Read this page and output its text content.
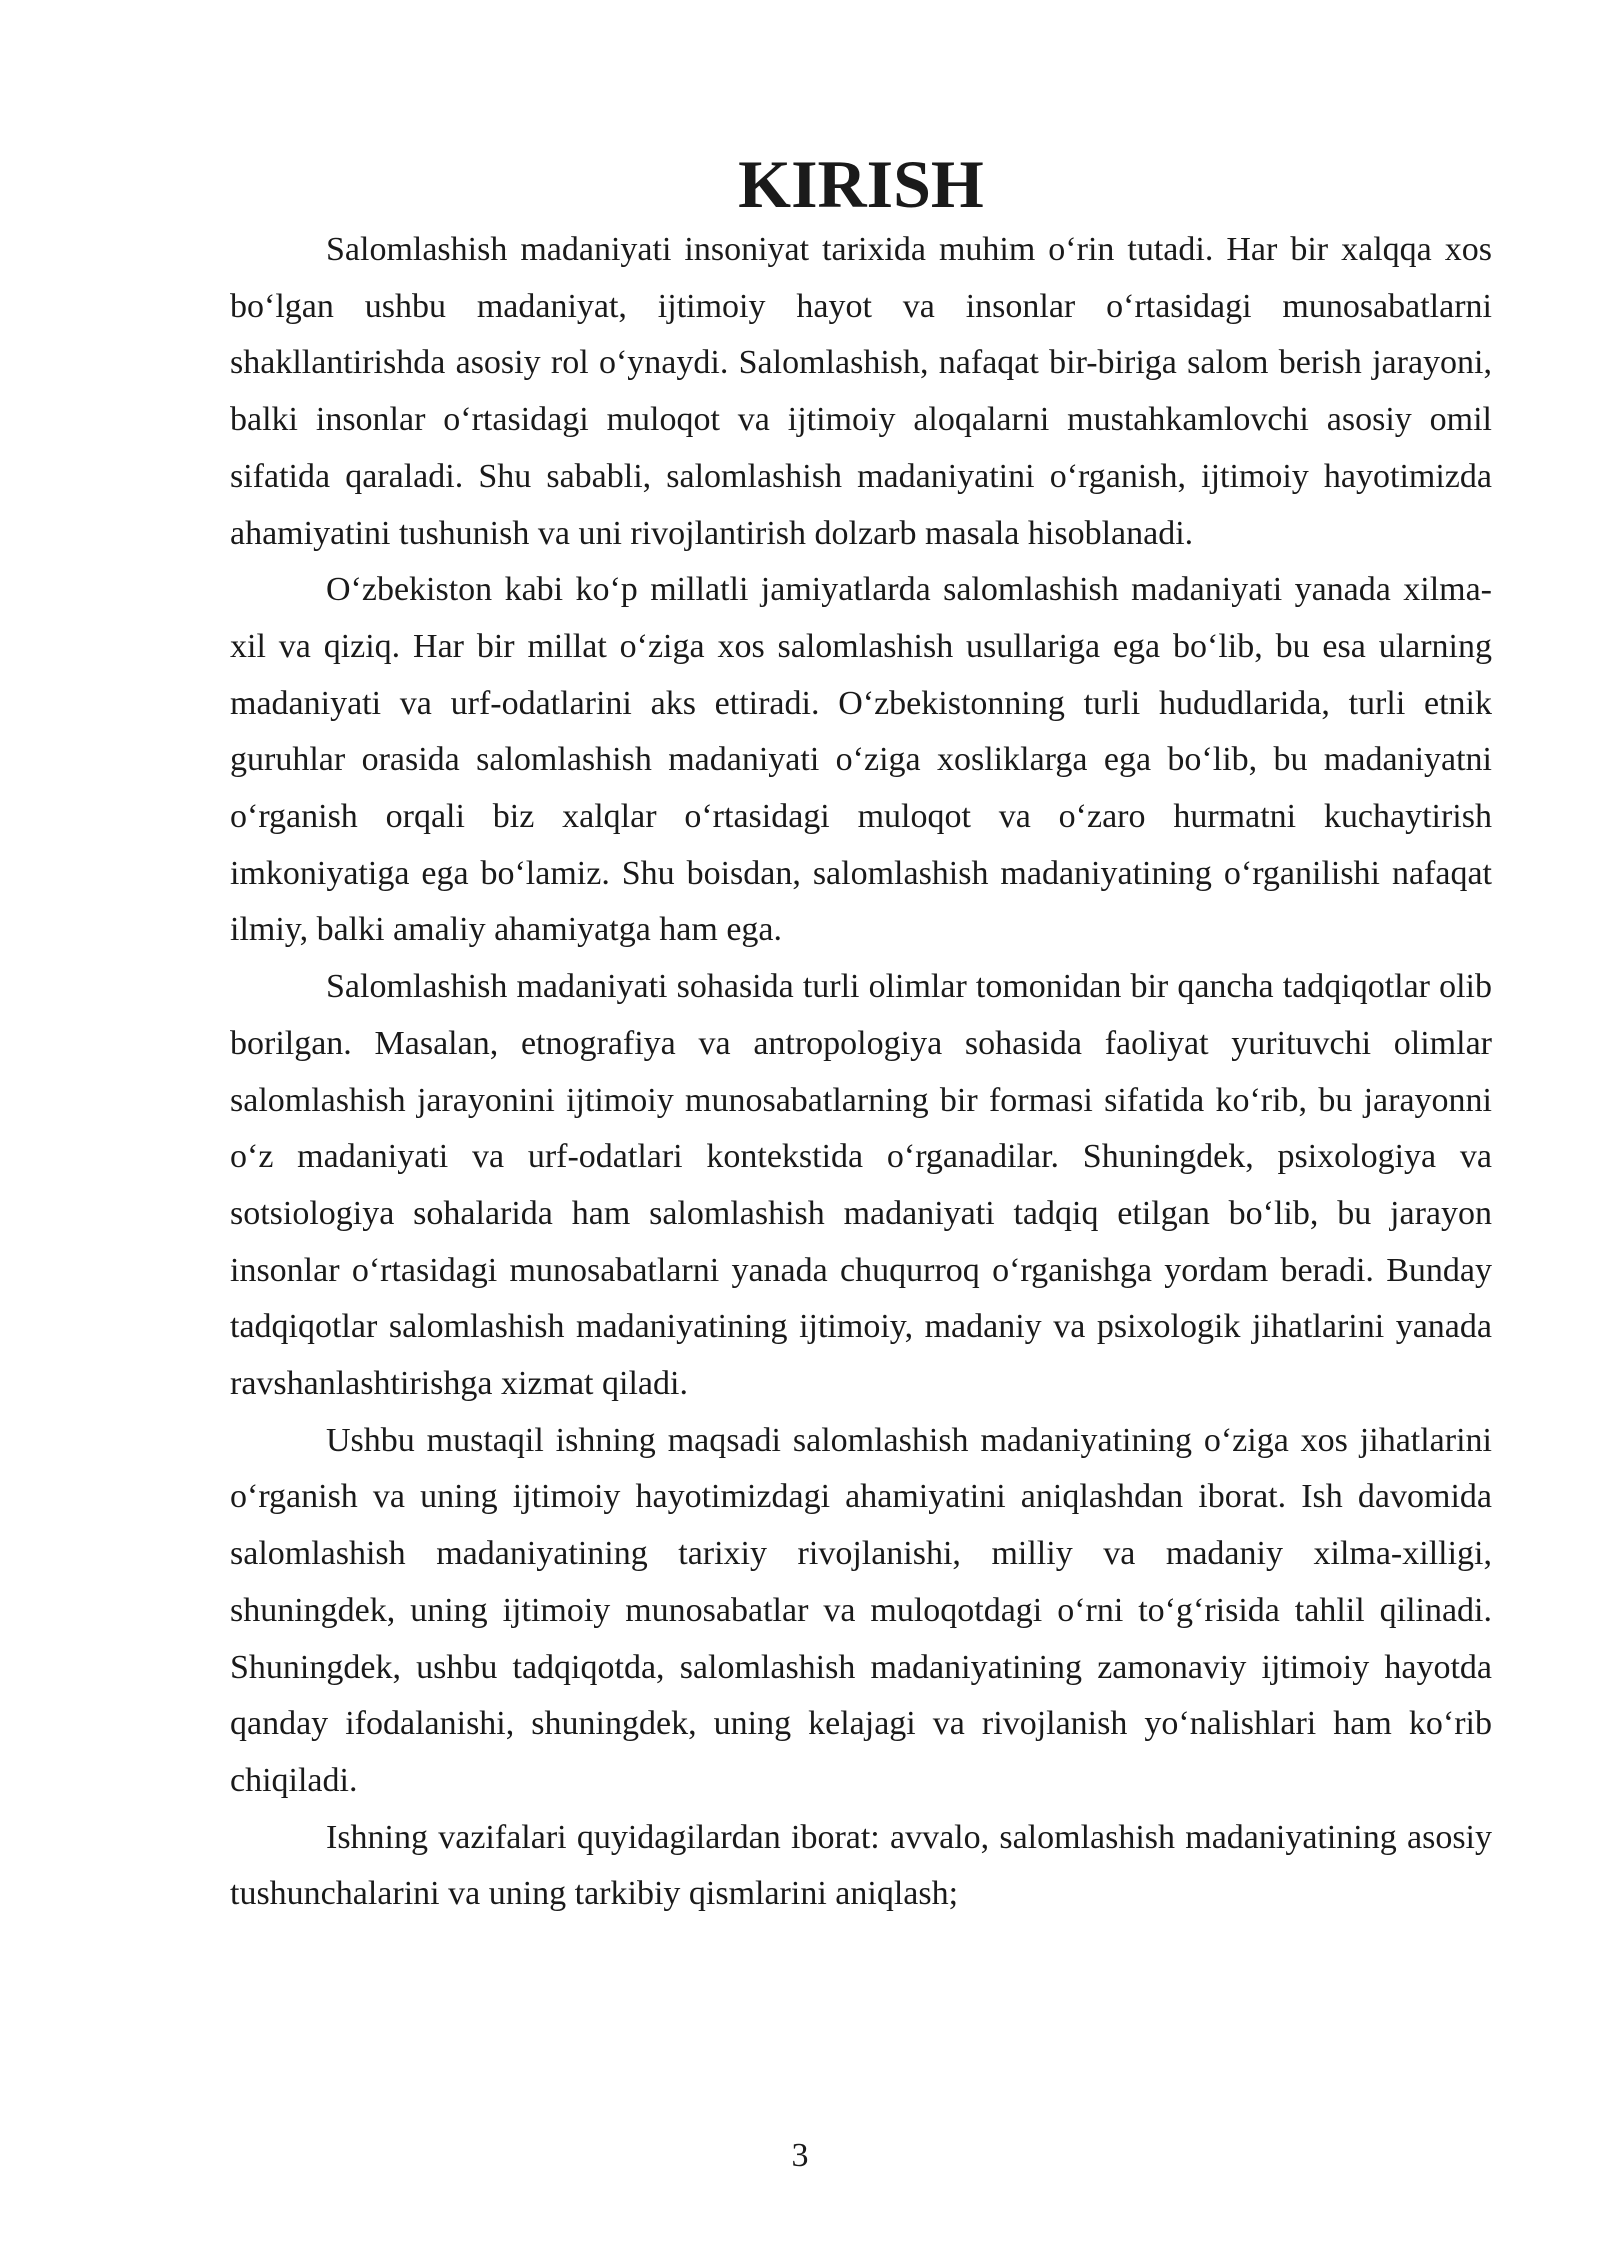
KIRISH

Salomlashish madaniyati insoniyat tarixida muhim o‘rin tutadi. Har bir xalqqa xos bo‘lgan ushbu madaniyat, ijtimoiy hayot va insonlar o‘rtasidagi munosabatlarni shakllantirishda asosiy rol o‘ynaydi. Salomlashish, nafaqat bir-biriga salom berish jarayoni, balki insonlar o‘rtasidagi muloqot va ijtimoiy aloqalarni mustahkamlovchi asosiy omil sifatida qaraladi. Shu sababli, salomlashish madaniyatini o‘rganish, ijtimoiy hayotimizda ahamiyatini tushunish va uni rivojlantirish dolzarb masala hisoblanadi.

O‘zbekiston kabi ko‘p millatli jamiyatlarda salomlashish madaniyati yanada xilma-xil va qiziq. Har bir millat o‘ziga xos salomlashish usullariga ega bo‘lib, bu esa ularning madaniyati va urf-odatlarini aks ettiradi. O‘zbekistonning turli hududlarida, turli etnik guruhlar orasida salomlashish madaniyati o‘ziga xosliklarga ega bo‘lib, bu madaniyatni o‘rganish orqali biz xalqlar o‘rtasidagi muloqot va o‘zaro hurmatni kuchaytirish imkoniyatiga ega bo‘lamiz. Shu boisdan, salomlashish madaniyatining o‘rganilishi nafaqat ilmiy, balki amaliy ahamiyatga ham ega.

Salomlashish madaniyati sohasida turli olimlar tomonidan bir qancha tadqiqotlar olib borilgan. Masalan, etnografiya va antropologiya sohasida faoliyat yurituvchi olimlar salomlashish jarayonini ijtimoiy munosabatlarning bir formasi sifatida ko‘rib, bu jarayonni o‘z madaniyati va urf-odatlari kontekstida o‘rganadilar. Shuningdek, psixologiya va sotsiologiya sohalarida ham salomlashish madaniyati tadqiq etilgan bo‘lib, bu jarayon insonlar o‘rtasidagi munosabatlarni yanada chuqurroq o‘rganishga yordam beradi. Bunday tadqiqotlar salomlashish madaniyatining ijtimoiy, madaniy va psixologik jihatlarini yanada ravshanlashtirishga xizmat qiladi.

Ushbu mustaqil ishning maqsadi salomlashish madaniyatining o‘ziga xos jihatlarini o‘rganish va uning ijtimoiy hayotimizdagi ahamiyatini aniqlashdan iborat. Ish davomida salomlashish madaniyatining tarixiy rivojlanishi, milliy va madaniy xilma-xilligi, shuningdek, uning ijtimoiy munosabatlar va muloqotdagi o‘rni to‘g‘risida tahlil qilinadi. Shuningdek, ushbu tadqiqotda, salomlashish madaniyatining zamonaviy ijtimoiy hayotda qanday ifodalanishi, shuningdek, uning kelajagi va rivojlanish yo‘nalishlari ham ko‘rib chiqiladi.

Ishning vazifalari quyidagilardan iborat: avvalo, salomlashish madaniyatining asosiy tushunchalarini va uning tarkibiy qismlarini aniqlash;

3
